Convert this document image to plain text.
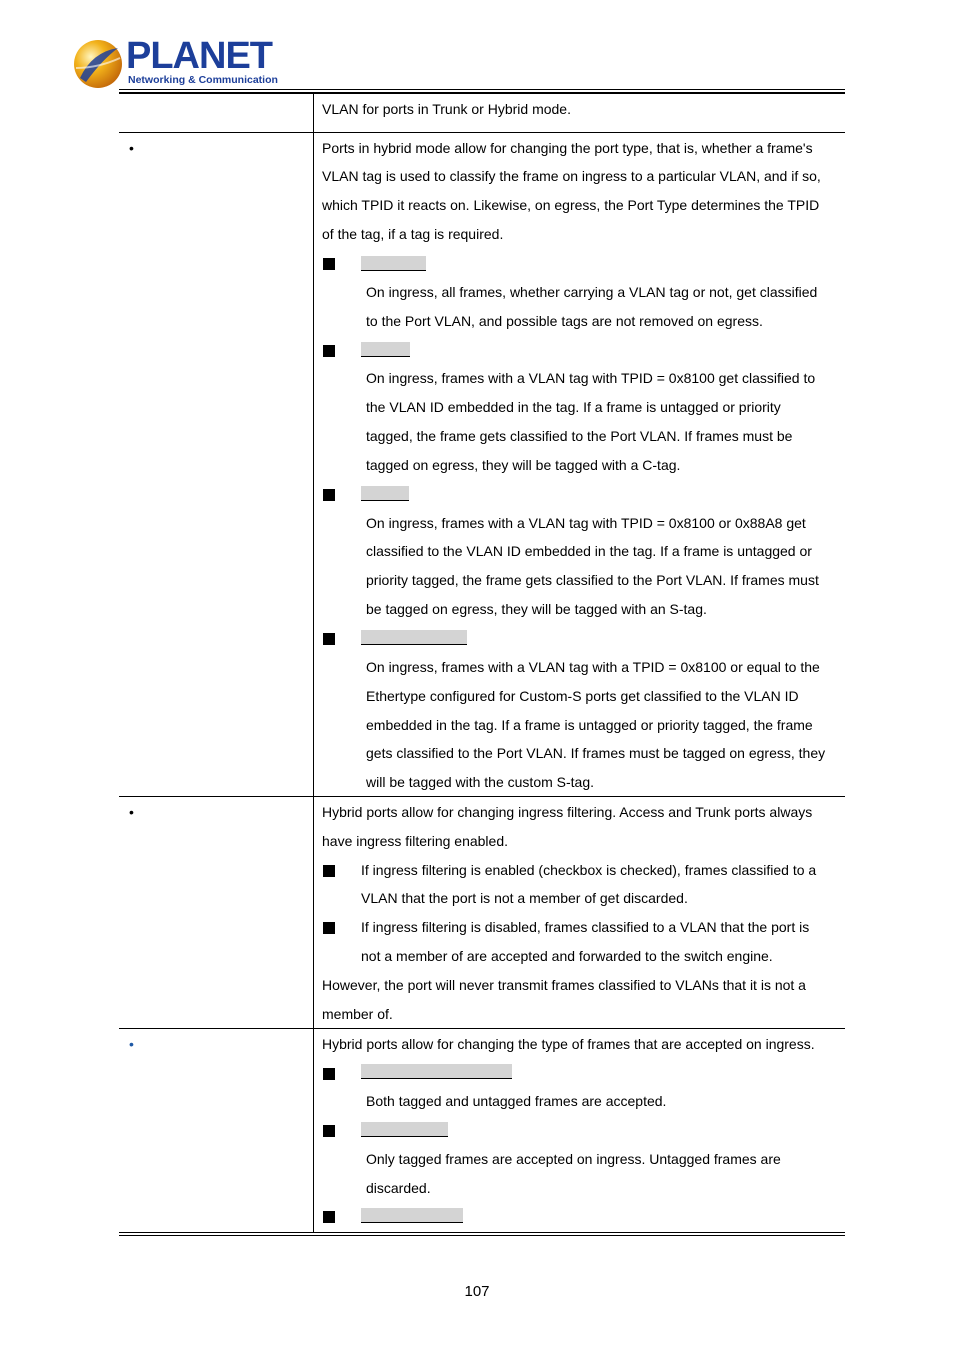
PLANET
Networking & Communication
VLAN for ports in Trunk or Hybrid mode.
•	Ports in hybrid mode allow for changing the port type, that is, whether a frame's
VLAN tag is used to classify the frame on ingress to a particular VLAN, and if so,
which TPID it reacts on. Likewise, on egress, the Port Type determines the TPID
of the tag, if a tag is required.
On ingress, all frames, whether carrying a VLAN tag or not, get classified
to the Port VLAN, and possible tags are not removed on egress.
On ingress, frames with a VLAN tag with TPID = 0x8100 get classified to
the VLAN ID embedded in the tag. If a frame is untagged or priority
tagged, the frame gets classified to the Port VLAN. If frames must be
tagged on egress, they will be tagged with a C-tag.
On ingress, frames with a VLAN tag with TPID = 0x8100 or 0x88A8 get
classified to the VLAN ID embedded in the tag. If a frame is untagged or
priority tagged, the frame gets classified to the Port VLAN. If frames must
be tagged on egress, they will be tagged with an S-tag.
On ingress, frames with a VLAN tag with a TPID = 0x8100 or equal to the
Ethertype configured for Custom-S ports get classified to the VLAN ID
embedded in the tag. If a frame is untagged or priority tagged, the frame
gets classified to the Port VLAN. If frames must be tagged on egress, they
will be tagged with the custom S-tag.
•	Hybrid ports allow for changing ingress filtering. Access and Trunk ports always
have ingress filtering enabled.
If ingress filtering is enabled (checkbox is checked), frames classified to a
VLAN that the port is not a member of get discarded.
If ingress filtering is disabled, frames classified to a VLAN that the port is
not a member of are accepted and forwarded to the switch engine.
However, the port will never transmit frames classified to VLANs that it is not a
member of.
•	Hybrid ports allow for changing the type of frames that are accepted on ingress.
Both tagged and untagged frames are accepted.
Only tagged frames are accepted on ingress. Untagged frames are
discarded.
107
